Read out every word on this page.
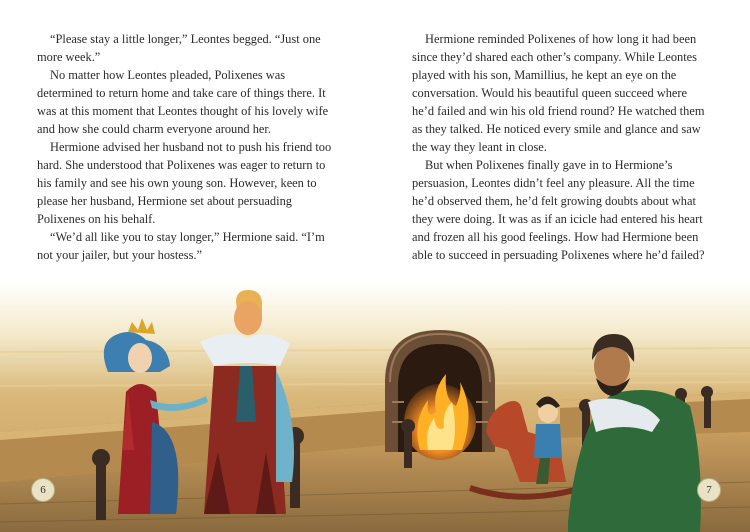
“Please stay a little longer,” Leontes begged. “Just one more week.”

No matter how Leontes pleaded, Polixenes was determined to return home and take care of things there. It was at this moment that Leontes thought of his lovely wife and how she could charm everyone around her.

Hermione advised her husband not to push his friend too hard. She understood that Polixenes was eager to return to his family and see his own young son. However, keen to please her husband, Hermione set about persuading Polixenes on his behalf.

“We’d all like you to stay longer,” Hermione said. “I’m not your jailer, but your hostess.”

Hermione reminded Polixenes of how long it had been since they’d shared each other’s company. While Leontes played with his son, Mamillius, he kept an eye on the conversation. Would his beautiful queen succeed where he’d failed and win his old friend round? He watched them as they talked. He noticed every smile and glance and saw the way they leant in close.

But when Polixenes finally gave in to Hermione’s persuasion, Leontes didn’t feel any pleasure. All the time he’d observed them, he’d felt growing doubts about what they were doing. It was as if an icicle had entered his heart and frozen all his good feelings. How had Hermione been able to succeed in persuading Polixenes where he’d failed?

6	7
